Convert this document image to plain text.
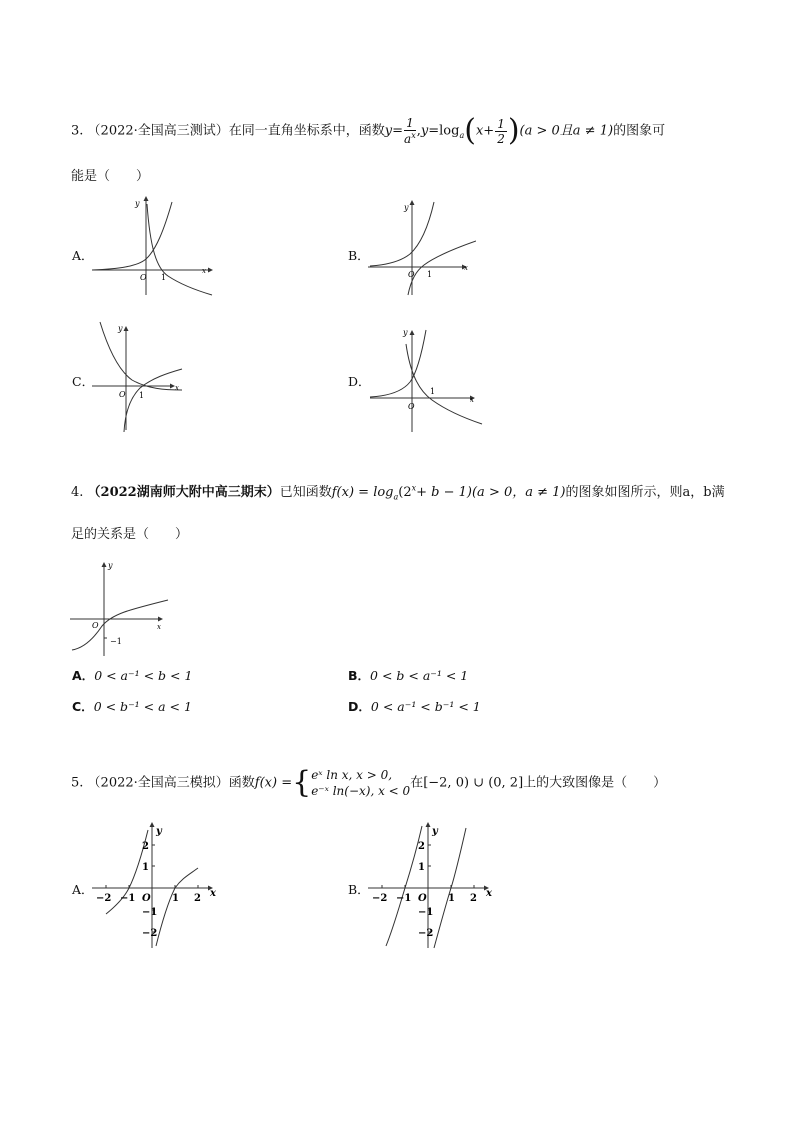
3. （2022·全国高三测试）在同一直角坐标系中，函数$y= \frac{1}{a^x} ,y=\log_a(x+ \frac{1}{2} )(a > 0$且a ≠ 1)的图象可
能是（　　）
A．
y
x
O 1
B．
y
x
O 1
C．
y
x
O 1
D．
y
x
O
1
4. （2022湖南师大附中高三期末）已知函数$f(x) = \log_a(2^x+ b - 1)(a > 0$，a ≠ 1)的图象如图所示，则a，b满
足的关系是（　　）
y
x
O
−1
A．0 < a⁻¹ < b < 1	B．0 < b < a⁻¹ < 1
C．0 < b⁻¹ < a < 1	D．0 < a⁻¹ < b⁻¹ < 1
5. （2022·全国高三模拟）函数f(x) ={ eˣ ln x, x > 0,
e⁻ˣ ln(−x), x < 0
在[−2, 0) ∪ (0, 2]上的大致图像是（　　）
A．
y
2
1
−1
−2
−2 −1 O 1 2 x	B．
y
2
1
−1
−2
−2 −1 O 1 2 x
